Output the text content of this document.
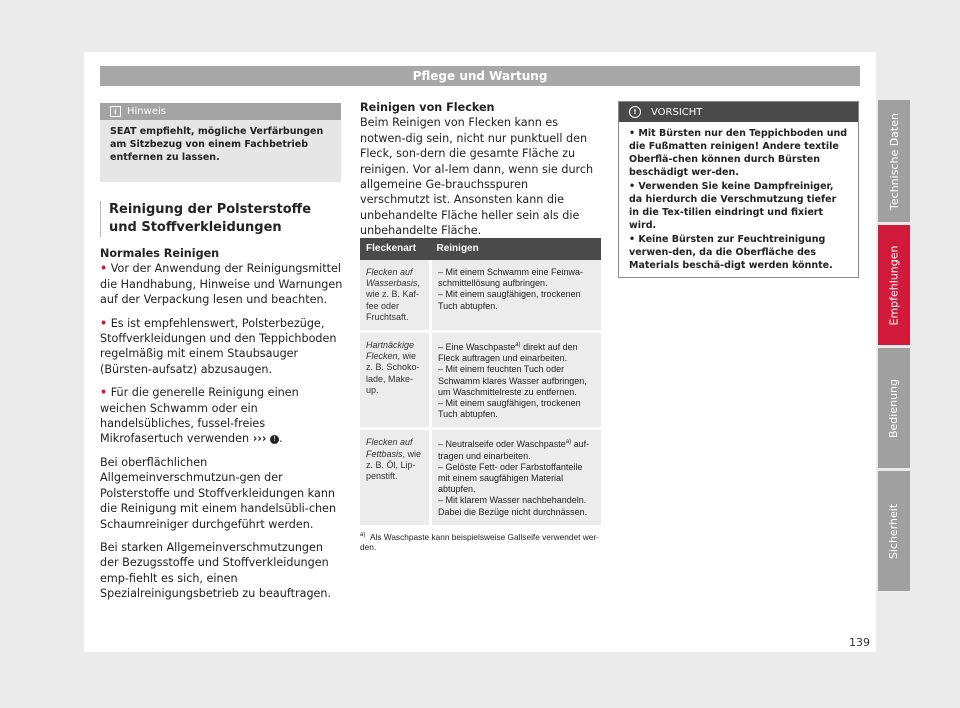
Pflege und Wartung
Technische Daten
Empfehlungen
Bedienung
Sicherheit
139
i	Hinweis
SEAT empfiehlt, mögliche Verfärbungen am Sitzbezug von einem Fachbetrieb entfernen zu lassen.
Reinigung der Polsterstoffe und Stoffverkleidungen

Normales Reinigen

• Vor der Anwendung der Reinigungsmittel die Handhabung, Hinweise und Warnungen auf der Verpackung lesen und beachten.

• Es ist empfehlenswert, Polsterbezüge, Stoffverkleidungen und den Teppichboden regelmäßig mit einem Staubsauger (Bürsten-aufsatz) abzusaugen.

• Für die generelle Reinigung einen weichen Schwamm oder ein handelsübliches, fussel-freies Mikrofasertuch verwenden ››› ! .

Bei oberflächlichen Allgemeinverschmutzun-gen der Polsterstoffe und Stoffverkleidungen kann die Reinigung mit einem handelsübli-chen Schaumreiniger durchgeführt werden.

Bei starken Allgemeinverschmutzungen der Bezugsstoffe und Stoffverkleidungen emp-fiehlt es sich, einen Spezialreinigungsbetrieb zu beauftragen.

Reinigen von Flecken

Beim Reinigen von Flecken kann es notwen-dig sein, nicht nur punktuell den Fleck, son-dern die gesamte Fläche zu reinigen. Vor al-lem dann, wenn sie durch allgemeine Ge-brauchsspuren verschmutzt ist. Ansonsten kann die unbehandelte Fläche heller sein als die unbehandelte Fläche.

Fleckenart	Reinigen
Flecken auf Wasserbasis, wie z. B. Kaf-fee oder Fruchtsaft.	– Mit einem Schwamm eine Feinwa-schmittellösung aufbringen.
– Mit einem saugfähigen, trockenen Tuch abtupfen.

Hartnäckige Flecken, wie z. B. Schoko-lade, Make-up.	– Eine Waschpaste$^{a)}$ direkt auf den Fleck auftragen und einarbeiten.
– Mit einem feuchten Tuch oder Schwamm klares Wasser aufbringen, um Waschmittelreste zu entfernen.
– Mit einem saugfähigen, trockenen Tuch abtupfen.

Flecken auf Fettbasis, wie z. B. Öl, Lip-penstift.	– Neutralseife oder Waschpaste$^{a)}$ auf-tragen und einarbeiten.
– Gelöste Fett- oder Farbstoffanteile mit einem saugfähigen Material abtupfen.
– Mit klarem Wasser nachbehandeln. Dabei die Bezüge nicht durchnässen.
$^{a)}$ Als Waschpaste kann beispielsweise Gallseife verwendet wer-den.
!	VORSICHT

• Mit Bürsten nur den Teppichboden und die Fußmatten reinigen! Andere textile Oberflä-chen können durch Bürsten beschädigt wer-den.

• Verwenden Sie keine Dampfreiniger, da hierdurch die Verschmutzung tiefer in die Tex-tilien eindringt und fixiert wird.

• Keine Bürsten zur Feuchtreinigung verwen-den, da die Oberfläche des Materials beschä-digt werden könnte.
